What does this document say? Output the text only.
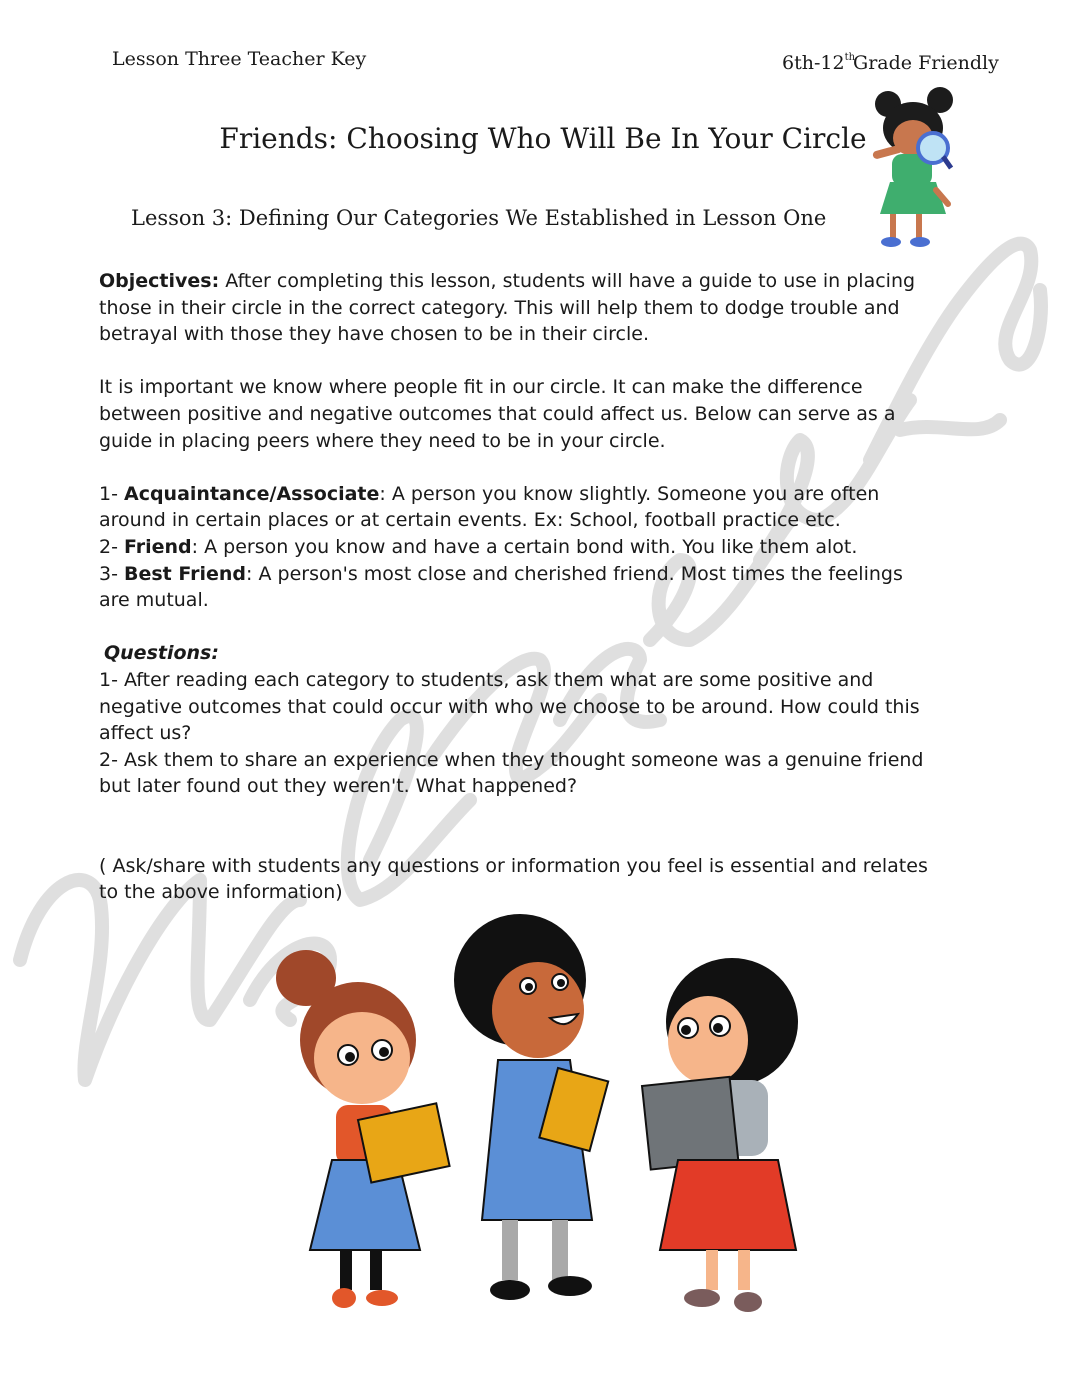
Lesson Three Teacher Key	6th-12thGrade Friendly
Friends: Choosing Who Will Be In Your Circle
Lesson 3: Defining Our Categories We Established in Lesson One

Objectives: After completing this lesson, students will have a guide to use in placing those in their circle in the correct category. This will help them to dodge trouble and betrayal with those they have chosen to be in their circle.

It is important we know where people fit in our circle. It can make the difference between positive and negative outcomes that could affect us. Below can serve as a guide in placing peers where they need to be in your circle.

1- Acquaintance/Associate: A person you know slightly. Someone you are often around in certain places or at certain events. Ex: School, football practice etc.

2- Friend: A person you know and have a certain bond with. You like them alot.

3- Best Friend: A person's most close and cherished friend. Most times the feelings are mutual.

Questions:

1- After reading each category to students, ask them what are some positive and negative outcomes that could occur with who we choose to be around. How could this affect us?

2- Ask them to share an experience when they thought someone was a genuine friend but later found out they weren't. What happened?

( Ask/share with students any questions or information you feel is essential and relates to the above information)
